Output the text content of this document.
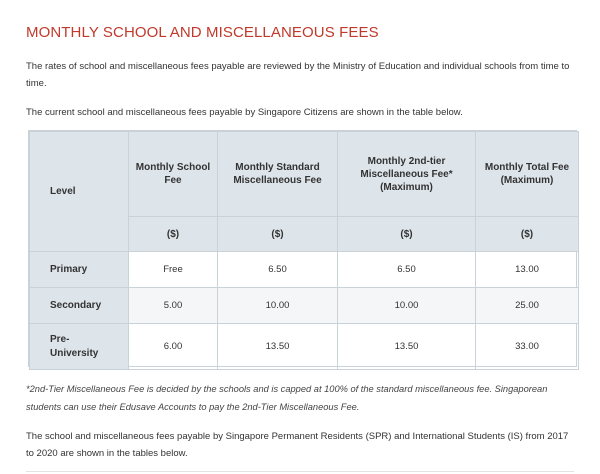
MONTHLY SCHOOL AND MISCELLANEOUS FEES
The rates of school and miscellaneous fees payable are reviewed by the Ministry of Education and individual schools from time to time.
The current school and miscellaneous fees payable by Singapore Citizens are shown in the table below.
Level	Monthly School Fee	Monthly Standard Miscellaneous Fee	Monthly 2nd-tier Miscellaneous Fee* (Maximum)	Monthly Total Fee (Maximum)
	($)	($)	($)	($)
Primary	Free	6.50	6.50	13.00
Secondary	5.00	10.00	10.00	25.00
Pre-University	6.00	13.50	13.50	33.00
*2nd-Tier Miscellaneous Fee is decided by the schools and is capped at 100% of the standard miscellaneous fee. Singaporean students can use their Edusave Accounts to pay the 2nd-Tier Miscellaneous Fee.
The school and miscellaneous fees payable by Singapore Permanent Residents (SPR) and International Students (IS) from 2017 to 2020 are shown in the tables below.
